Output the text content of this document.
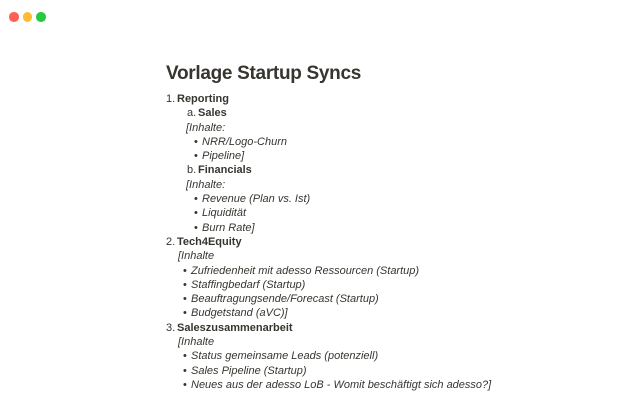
Vorlage Startup Syncs
1. Reporting
a. Sales
[Inhalte:
• NRR/Logo-Churn
• Pipeline]
b. Financials
[Inhalte:
• Revenue (Plan vs. Ist)
• Liquidität
• Burn Rate]
2. Tech4Equity
[Inhalte
• Zufriedenheit mit adesso Ressourcen (Startup)
• Staffingbedarf (Startup)
• Beauftragungsende/Forecast (Startup)
• Budgetstand (aVC)]
3. Saleszusammenarbeit
[Inhalte
• Status gemeinsame Leads (potenziell)
• Sales Pipeline (Startup)
• Neues aus der adesso LoB - Womit beschäftigt sich adesso?]
